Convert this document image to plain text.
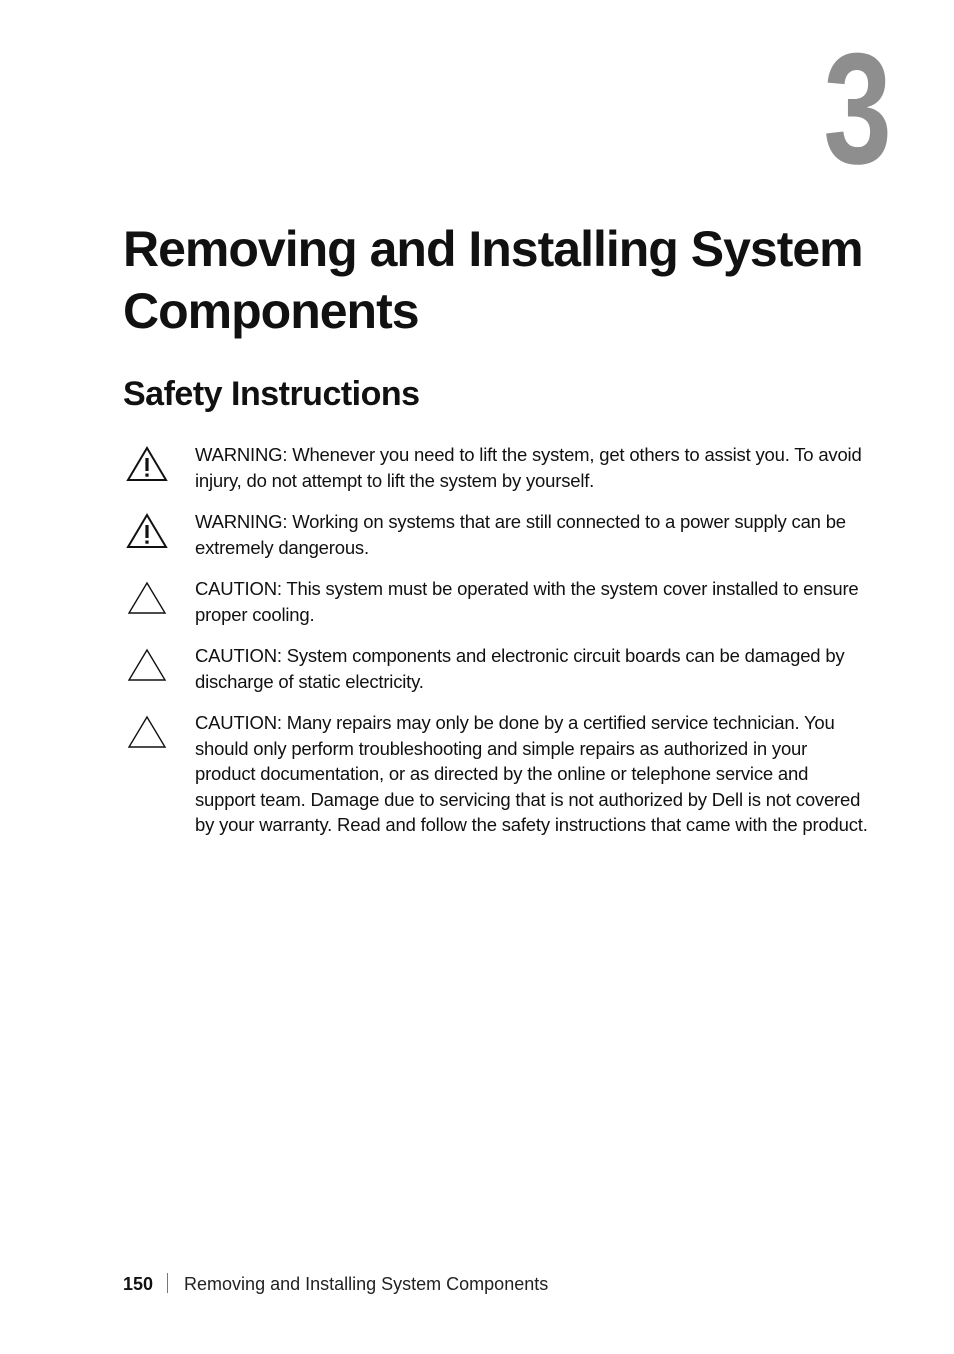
3
Removing and Installing System Components
Safety Instructions
WARNING: Whenever you need to lift the system, get others to assist you. To avoid injury, do not attempt to lift the system by yourself.
WARNING: Working on systems that are still connected to a power supply can be extremely dangerous.
CAUTION: This system must be operated with the system cover installed to ensure proper cooling.
CAUTION: System components and electronic circuit boards can be damaged by discharge of static electricity.
CAUTION: Many repairs may only be done by a certified service technician. You should only perform troubleshooting and simple repairs as authorized in your product documentation, or as directed by the online or telephone service and support team. Damage due to servicing that is not authorized by Dell is not covered by your warranty. Read and follow the safety instructions that came with the product.
150 Removing and Installing System Components
